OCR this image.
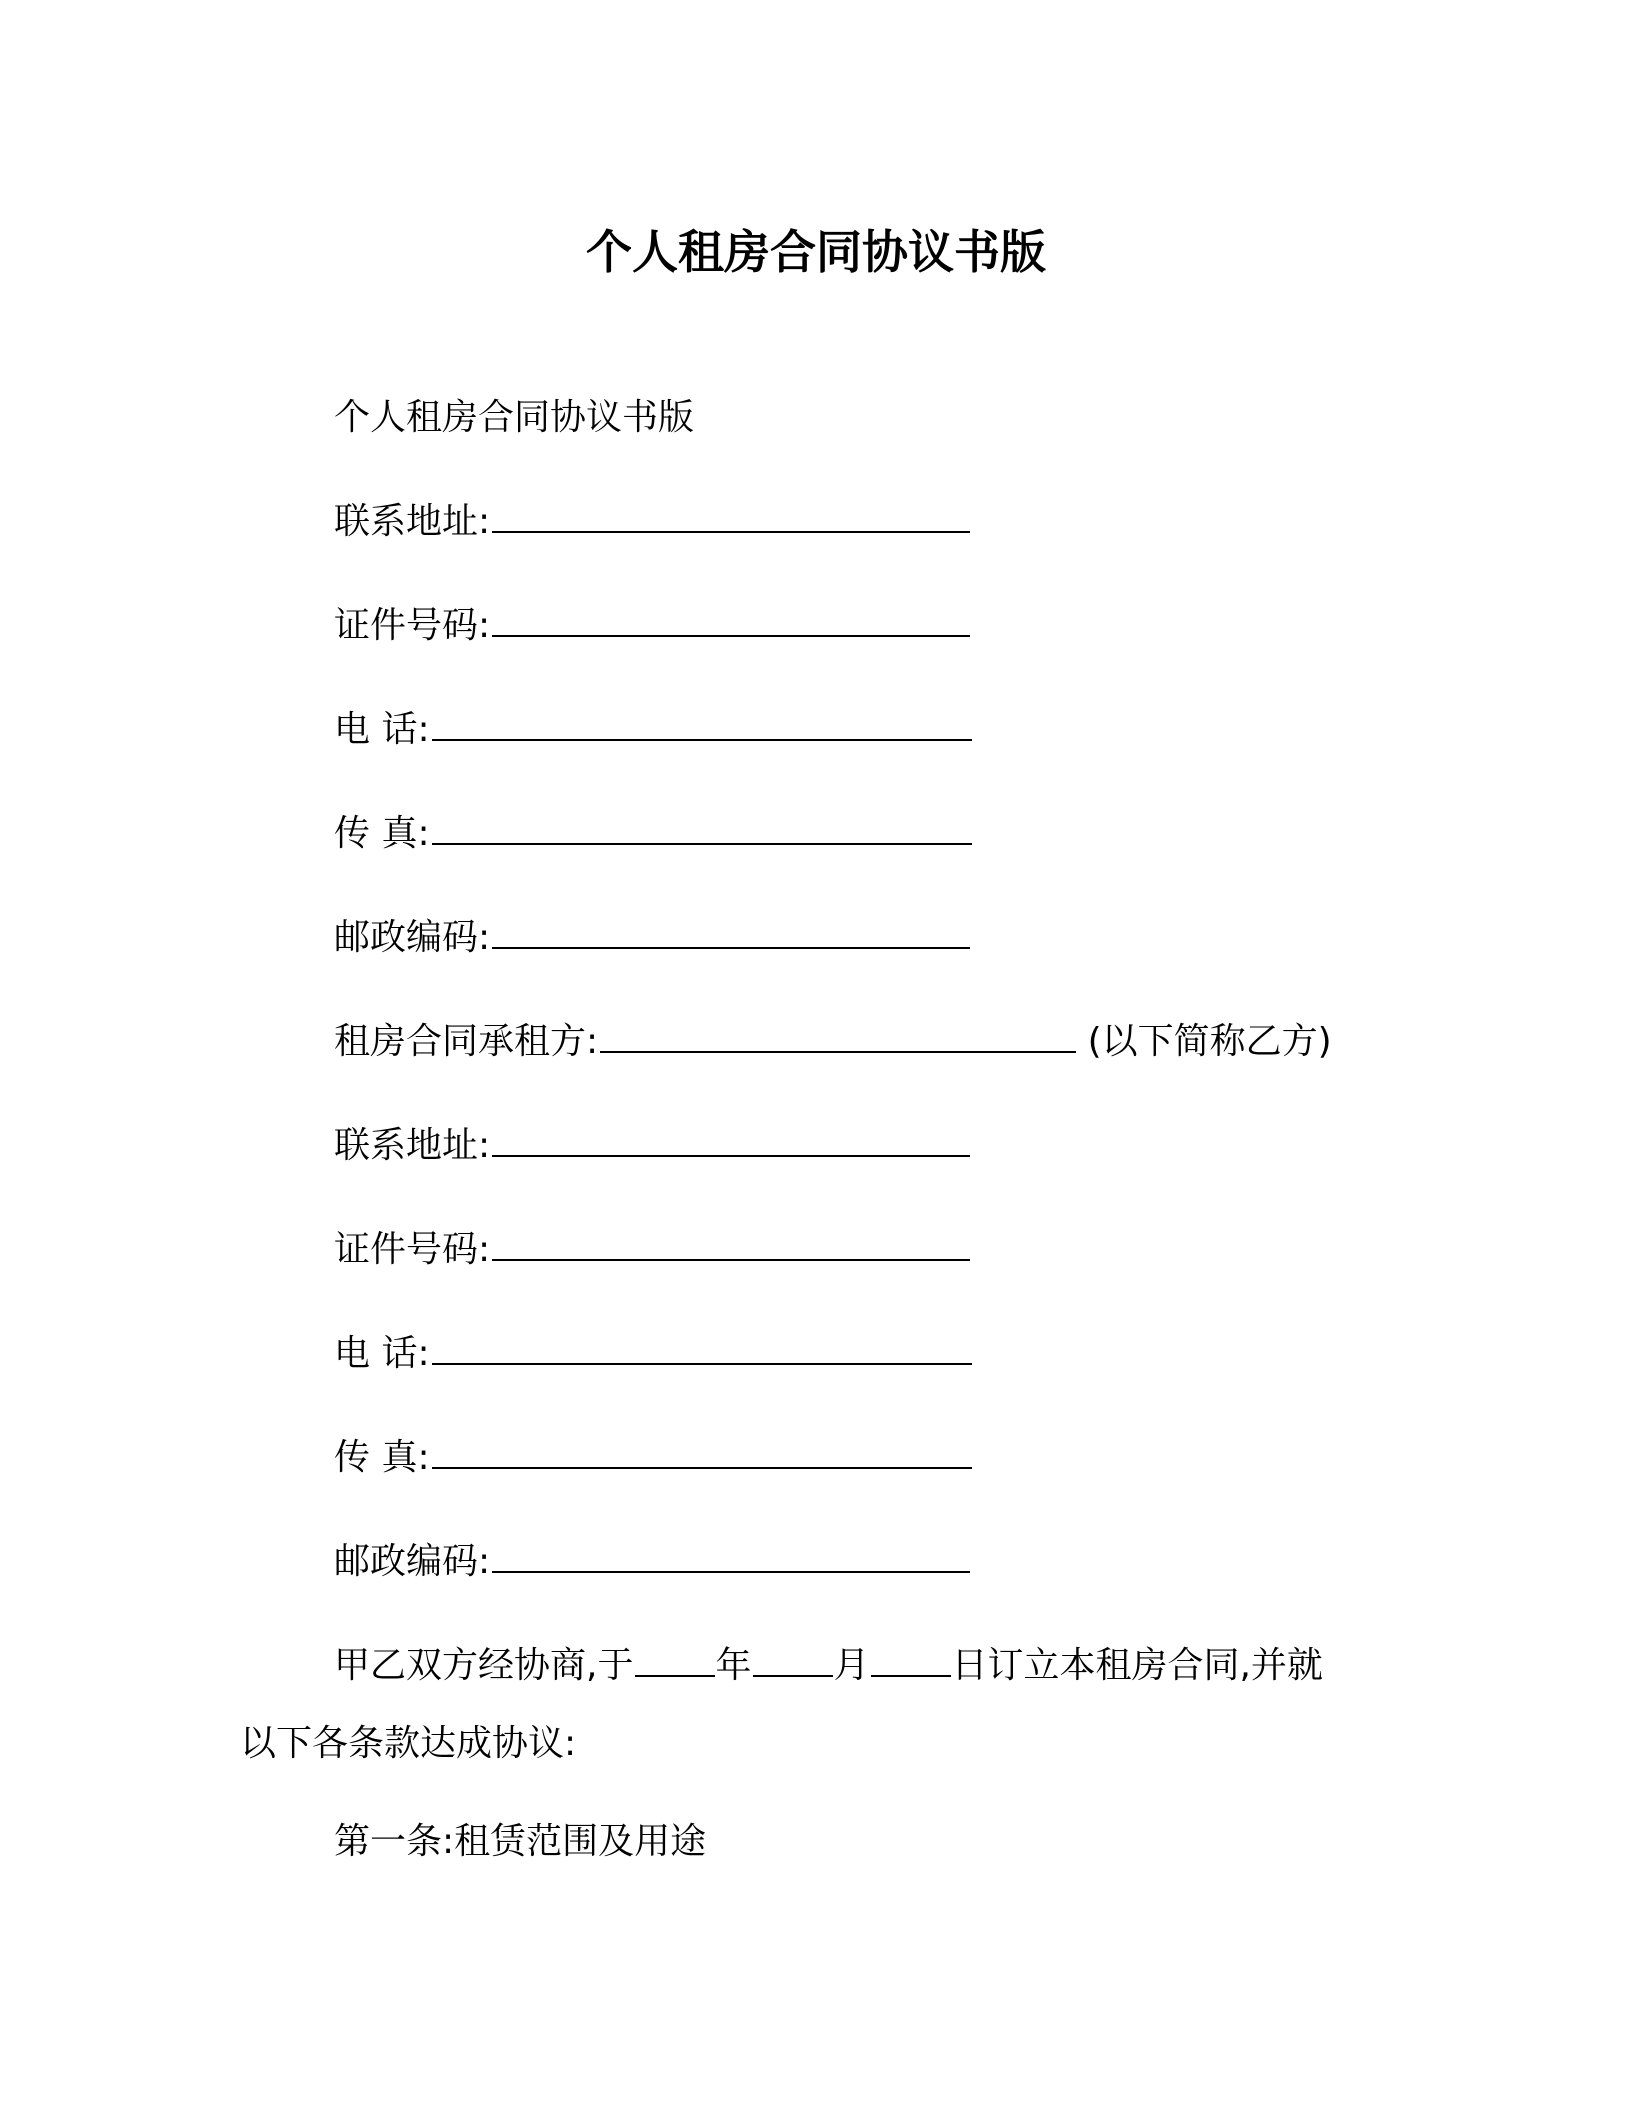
个人租房合同协议书版

个人租房合同协议书版

联系地址:

证件号码:

电 话:

传 真:

邮政编码:

租房合同承租方:	(以下简称乙方)

联系地址:

证件号码:

电 话:

传 真:

邮政编码:

甲乙双方经协商,于 年 月 日订立本租房合同,并就

以下各条款达成协议:

第一条:租赁范围及用途
